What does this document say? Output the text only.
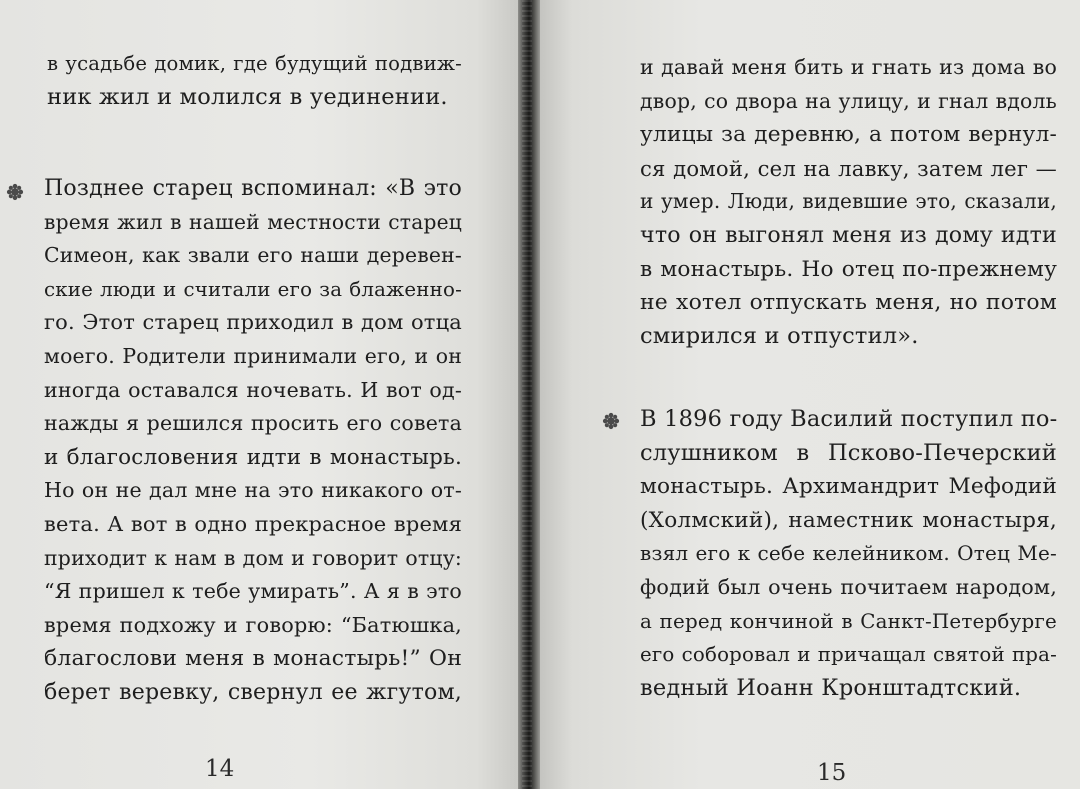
в усадьбе домик, где будущий подвиж-
ник жил и молился в уединении.
Позднее старец вспоминал: «В это
время жил в нашей местности старец
Симеон, как звали его наши деревен-
ские люди и считали его за блаженно-
го. Этот старец приходил в дом отца
моего. Родители принимали его, и он
иногда оставался ночевать. И вот од-
нажды я решился просить его совета
и благословения идти в монастырь.
Но он не дал мне на это никакого от-
вета. А вот в одно прекрасное время
приходит к нам в дом и говорит отцу:
“Я пришел к тебе умирать”. А я в это
время подхожу и говорю: “Батюшка,
благослови меня в монастырь!” Он
берет веревку, свернул ее жгутом,
14
и давай меня бить и гнать из дома во
двор, со двора на улицу, и гнал вдоль
улицы за деревню, а потом вернул-
ся домой, сел на лавку, затем лег —
и умер. Люди, видевшие это, сказали,
что он выгонял меня из дому идти
в монастырь. Но отец по-прежнему
не хотел отпускать меня, но потом
смирился и отпустил».
В 1896 году Василий поступил по-
слушником в Псково-Печерский
монастырь. Архимандрит Мефодий
(Холмский), наместник монастыря,
взял его к себе келейником. Отец Ме-
фодий был очень почитаем народом,
а перед кончиной в Санкт-Петербурге
его соборовал и причащал святой пра-
ведный Иоанн Кронштадтский.
15
